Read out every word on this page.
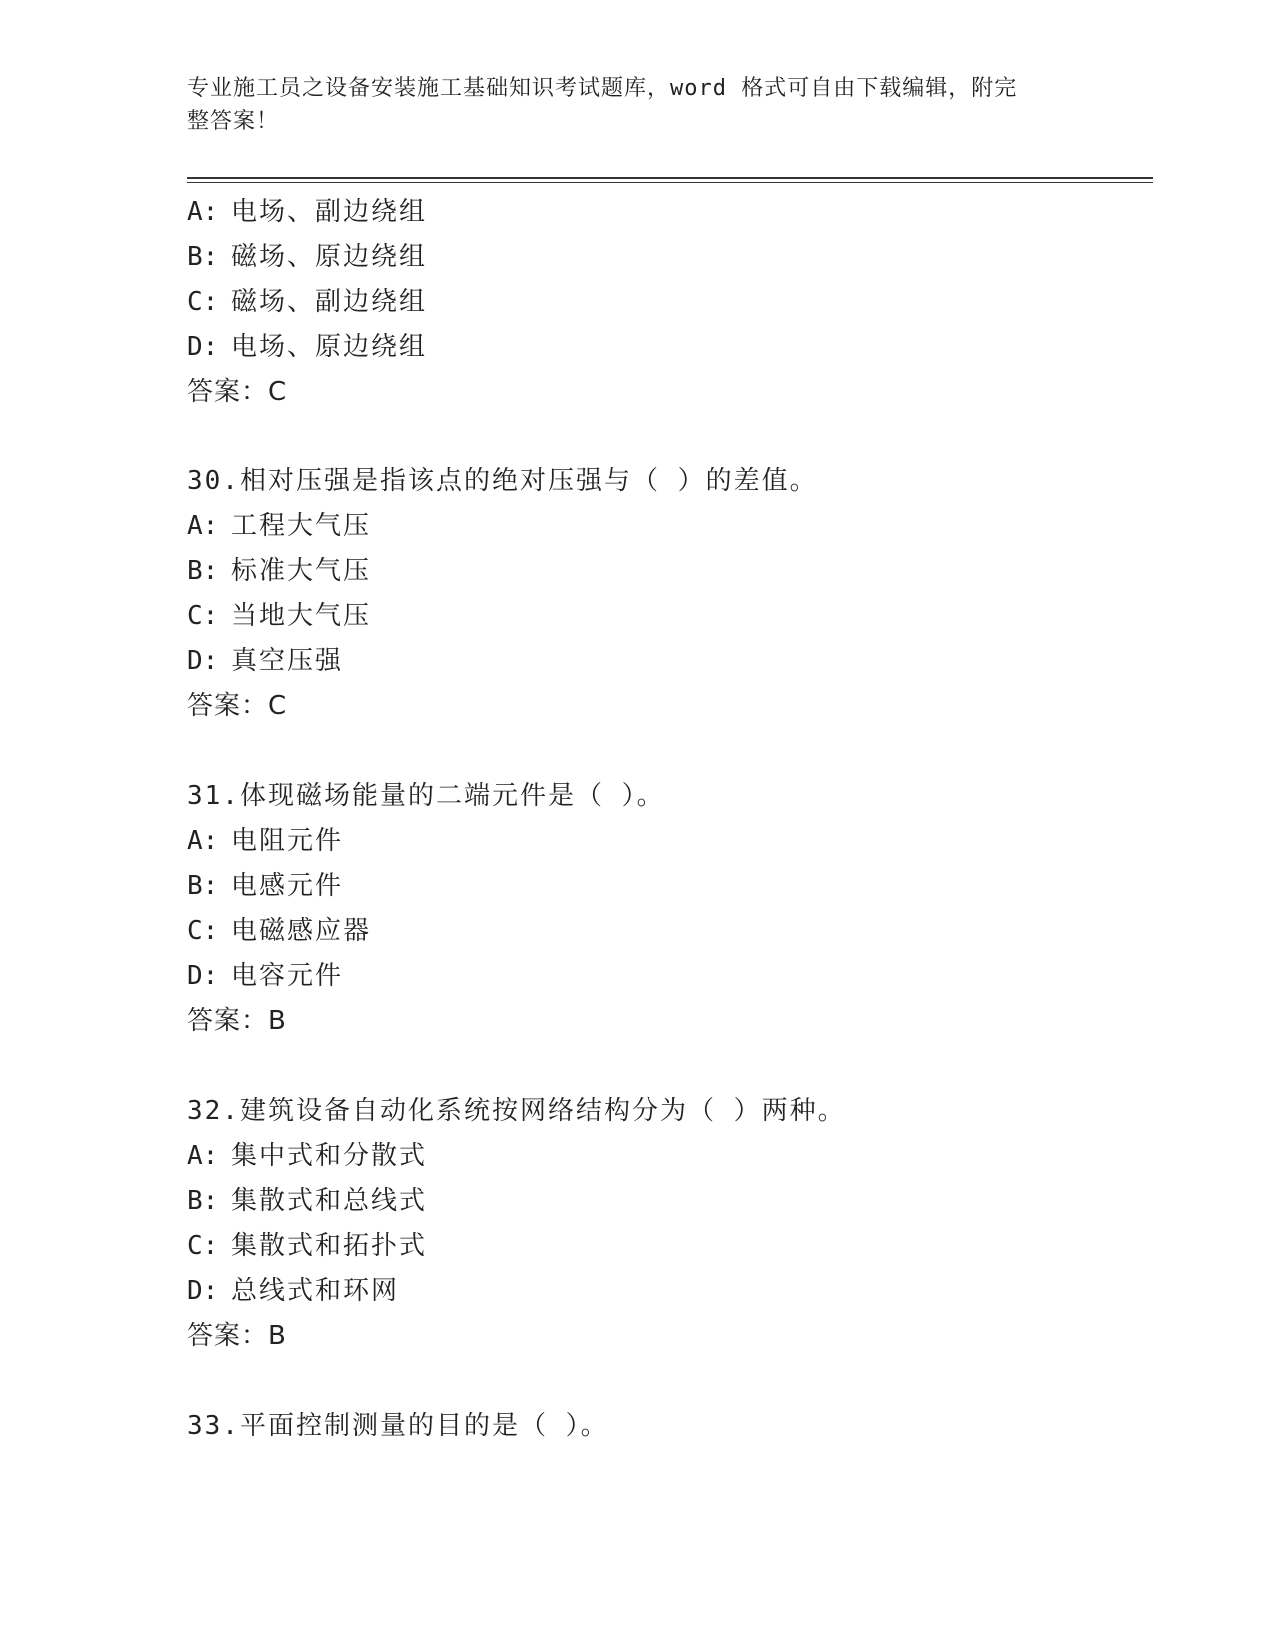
专业施工员之设备安装施工基础知识考试题库，word 格式可自由下载编辑，附完
整答案！
A: 电场、副边绕组
B: 磁场、原边绕组
C: 磁场、副边绕组
D: 电场、原边绕组
答案：C
30.相对压强是指该点的绝对压强与（ ）的差值。
A: 工程大气压
B: 标准大气压
C: 当地大气压
D: 真空压强
答案：C
31.体现磁场能量的二端元件是（ ）。
A: 电阻元件
B: 电感元件
C: 电磁感应器
D: 电容元件
答案：B
32.建筑设备自动化系统按网络结构分为（ ）两种。
A: 集中式和分散式
B: 集散式和总线式
C: 集散式和拓扑式
D: 总线式和环网
答案：B
33.平面控制测量的目的是（ ）。
